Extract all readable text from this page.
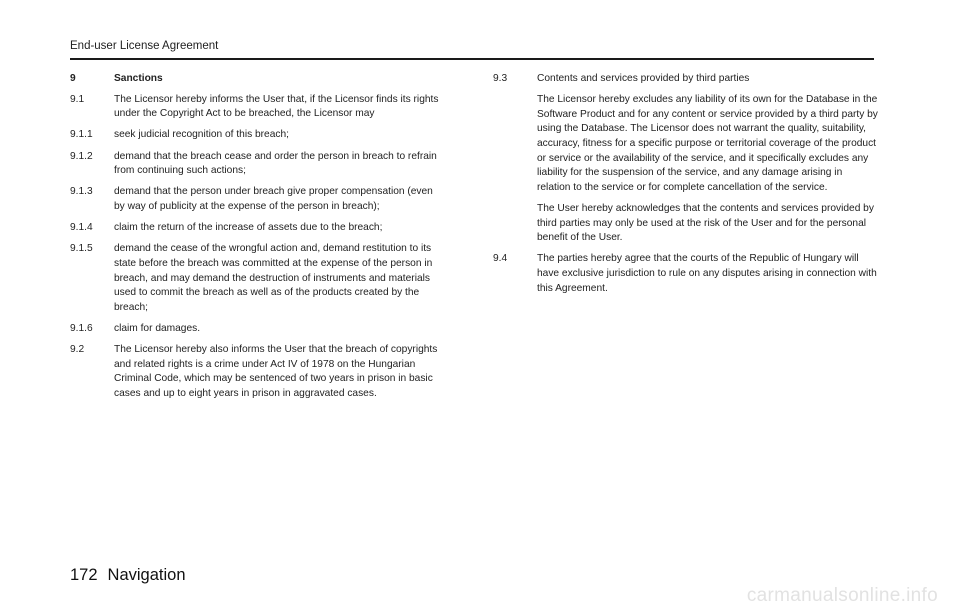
End-user License Agreement
9	Sanctions
9.1	The Licensor hereby informs the User that, if the Licensor finds its rights under the Copyright Act to be breached, the Licensor may
9.1.1	seek judicial recognition of this breach;
9.1.2	demand that the breach cease and order the person in breach to refrain from continuing such actions;
9.1.3	demand that the person under breach give proper compensation (even by way of publicity at the expense of the person in breach);
9.1.4	claim the return of the increase of assets due to the breach;
9.1.5	demand the cease of the wrongful action and, demand restitution to its state before the breach was committed at the expense of the person in breach, and may demand the destruction of instruments and materials used to commit the breach as well as of the products created by the breach;
9.1.6	claim for damages.
9.2	The Licensor hereby also informs the User that the breach of copyrights and related rights is a crime under Act IV of 1978 on the Hungarian Criminal Code, which may be sentenced of two years in prison in basic cases and up to eight years in prison in aggravated cases.
9.3	Contents and services provided by third parties
The Licensor hereby excludes any liability of its own for the Database in the Software Product and for any content or service provided by a third party by using the Database. The Licensor does not warrant the quality, suitability, accuracy, fitness for a specific purpose or territorial coverage of the product or service or the availability of the service, and it specifically excludes any liability for the suspension of the service, and any damage arising in relation to the service or for complete cancellation of the service.
The User hereby acknowledges that the contents and services provided by third parties may only be used at the risk of the User and for the personal benefit of the User.
9.4	The parties hereby agree that the courts of the Republic of Hungary will have exclusive jurisdiction to rule on any disputes arising in connection with this Agreement.
172 Navigation
carmanualsonline.info
